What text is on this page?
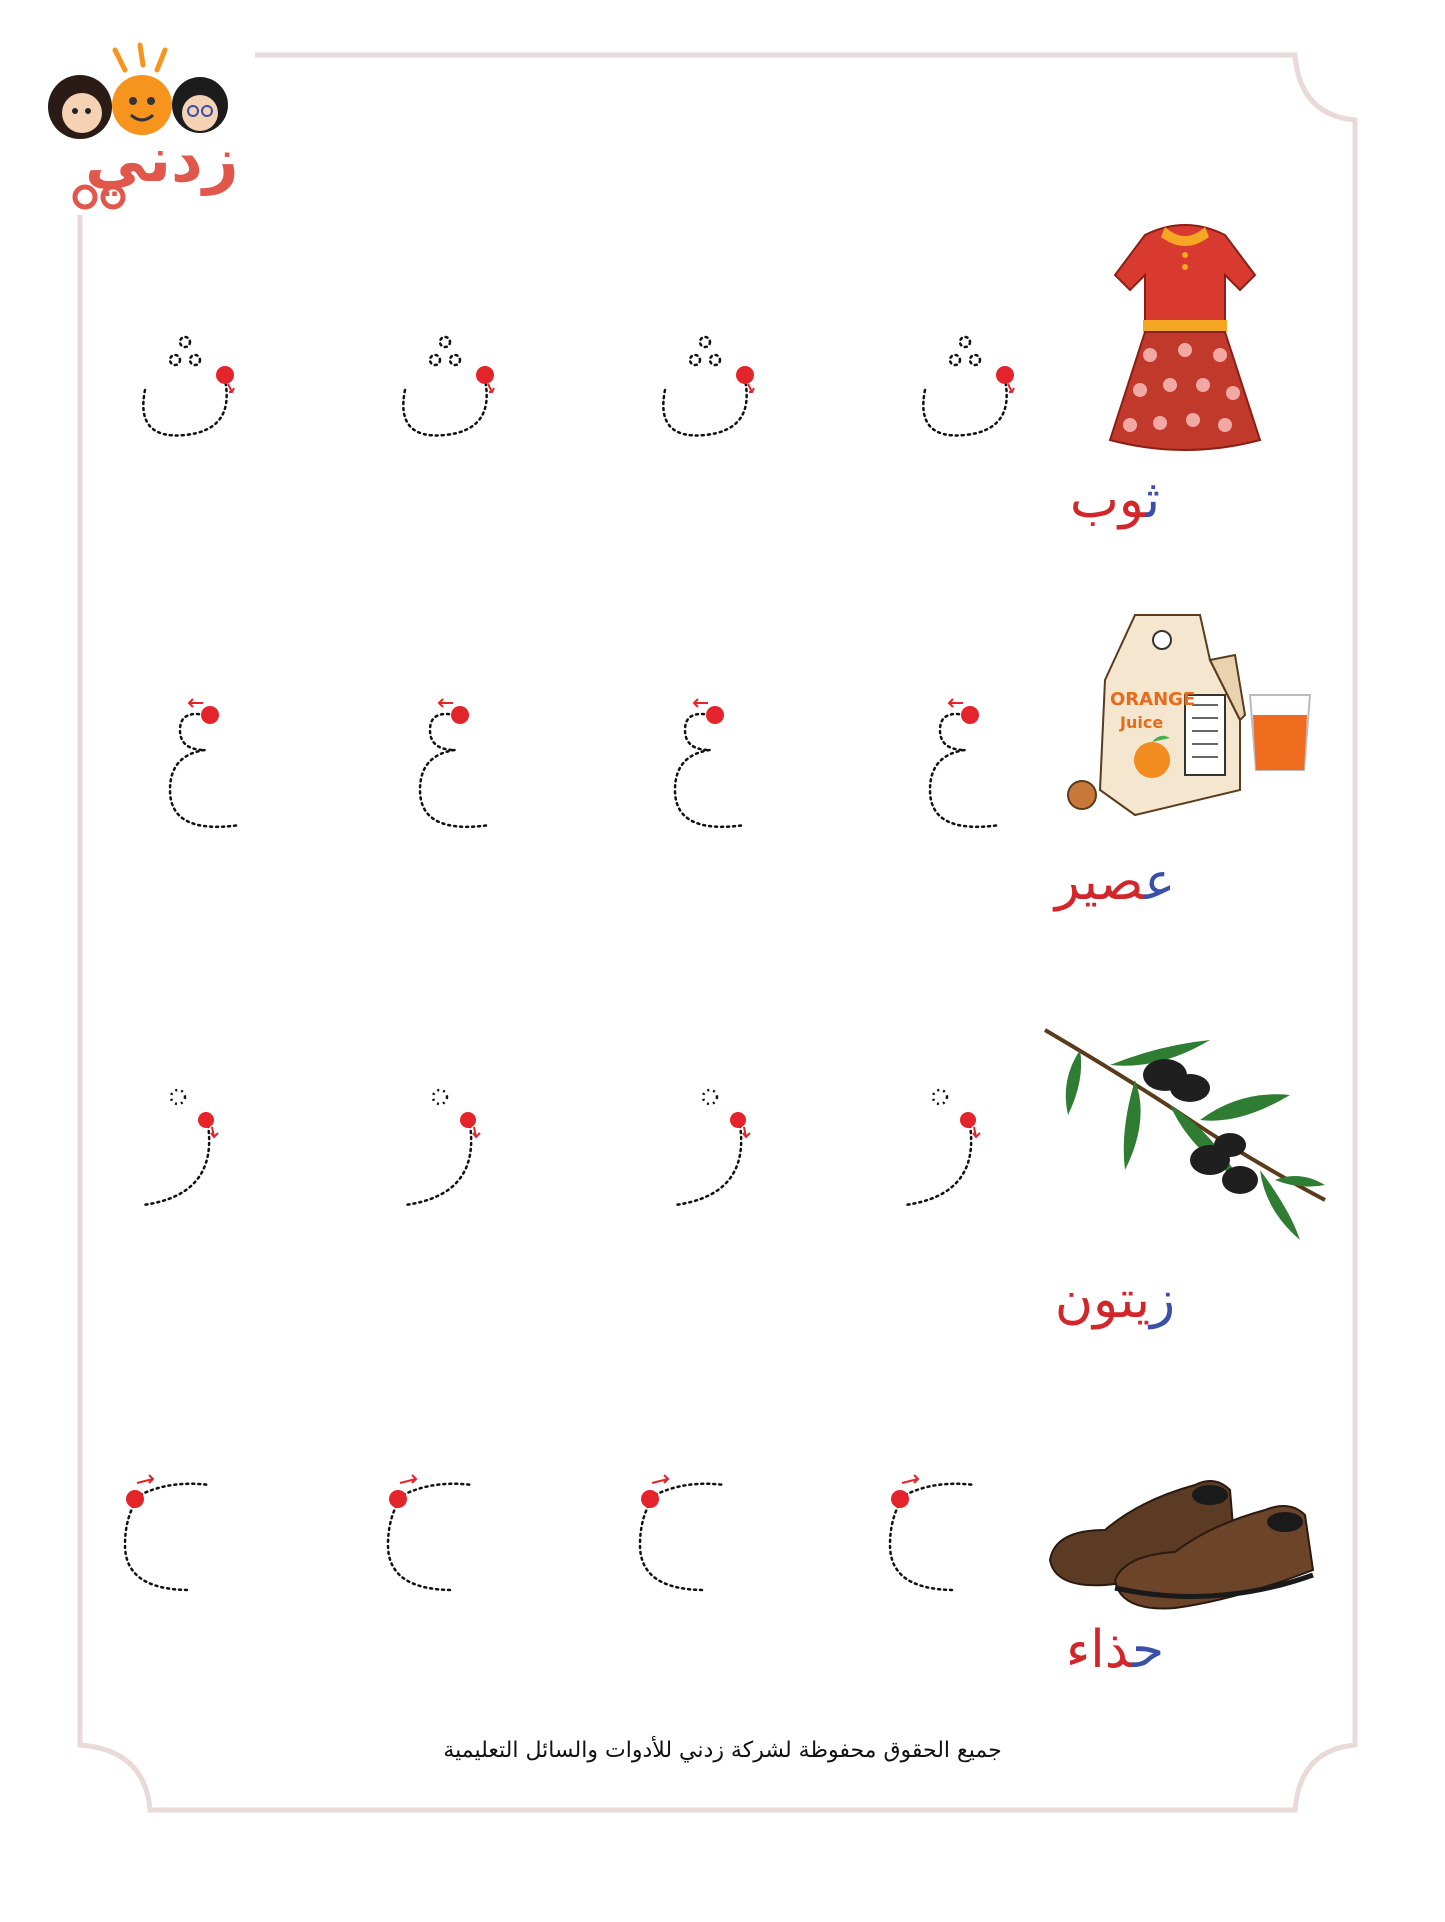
زدني
ثوب
ORANGE
Juice
عصير
زيتون
حذاء
جميع الحقوق محفوظة لشركة زدني للأدوات والسائل التعليمية
